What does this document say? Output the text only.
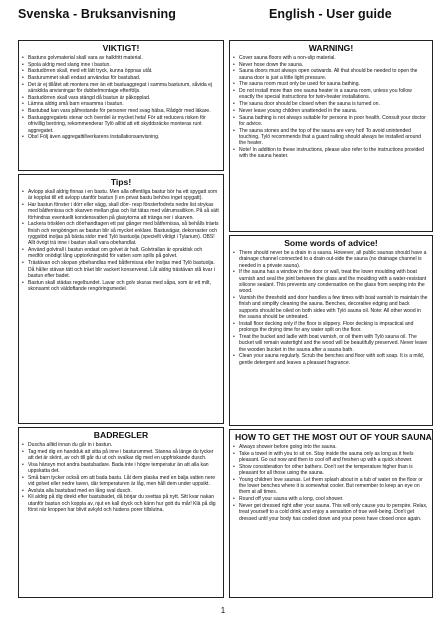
Svenska - Bruksanvisning	English - User guide
VIKTIGT!
• Bastuns golvmaterial skall vara av halkfritt material.
• Spola aldrig med slang inne i bastun.
• Bastudörren skall, med ett lätt tryck, kunna öppnas utåt.
• Basturummet skall endast användas för bastubad.
• Det är ej tillåtet att montera mer än ett bastuaggregat i samma basturum, såvida ej särskilda anvisningar för dubbelmontage efterföljs.
• Bastudörren skall vara stängd då bastun är påkopplad.
• Lämna aldrig små barn ensamma i bastun.
• Bastubad kan vara påfrestande för personer med svag hälsa. Rådgör med läkare.
• Bastuaggregatets stenar och överdel är mycket heta! För att reducera risken för ofrivillig beröring, rekommenderar Tylö alltid att ett skyddsräcke monteras runt aggregatet.
• Obs! Följ även aggregattillverkarens installationsanvisning.
Tips!
• Avlopp skall aldrig finnas i en bastu. Men alla offentliga bastur bör ha ett spygatt som är kopplat till ett avlopp utanför bastun (i en privat bastu behövs inget spygatt).
• Har bastun fönster i dörr eller vägg, skall dörr- resp fönsterfodrets nedre list strykas med båtfernissa och skarven mellan glas och list tätas med våtrumssilikon. På så sätt förhindras eventuellt kondensvatten på glasytorna att tränga ner i skarven.
• Lackera trösklen och dörrhandtagen ett par gånger med båtfernissa, så behålls träets finish och rengöringen av bastun blir så mycket enklare. Bastuvägar, dekorraster och ryggstöd inoljas på bästa sidor med Tylö bastuolja (speciellt viktigt i Tylarium). OBS! Allt övrigt trä inne i bastun skall vara obehandlat.
• Använd golvtrall i bastun endast om golvet är halt. Golvtrallan är opraktisk och medför onödigt lång upptorkningstid för vatten som spills på golvet.
• Trästävan och skopan ytbehandlas med båtfernissa eller inoljas med Tylö bastuolja. Då håller stävan tätt och träet blir vackert konserverat. Låt aldrig trästävan stå kvar i bastun efter badet.
• Bastun skall städas regelbundet. Lavar och golv skuras med såpa, som är ett milt, skonsamt och väldoftande rengöringsmedel.
BADREGLER
• Duscha alltid innan du går in i bastun.
• Tag med dig en handduk att sitta på inne i basturummet. Stanna så länge du tycker att det är skönt, av och till går du ut och svalkar dig med en uppfriskande dusch.
• Visa hänsyn mot andra bastubadare. Bada inte i högre temperatur än att alla kan uppskatta det.
• Små barn tycker också om att bada bastu. Låt dem plaska med en balja vatten nere vid golvet eller nedre laven, där temperaturen är låg, men håll dem under uppsikt.
• Avsluta alla bastubad med en lång sval dusch.
• Kli aldrig på dig direkt efter bastubadet, då börjar du svettas på nytt. Sitt kvar nakan utanför bastun och koppla av, njut en kall dryck och känn hur gott du mår! Klä på dig först när kroppen har blivit avkyld och hudens porer tillslutna.
WARNING!
• Cover sauna floors with a non-slip material.
• Never hose down the sauna.
• Sauna doors must always open outwards. All that should be needed to open the sauna door is just a little light pressure.
• The sauna room must only be used for sauna bathing.
• Do not install more than one sauna heater in a sauna room, unless you follow exactly the special instructions for twin-heater installations.
• The sauna door should be closed when the sauna is turned on.
• Never leave young children unattended in the sauna.
• Sauna bathing is not always suitable for persons in poor health. Consult your doctor for advice.
• The sauna stones and the top of the sauna are very hot! To avoid unintended touching, Tylö recommends that a guard railing should always be installed around the heater.
• Note! In addition to these instructions, please also refer to the instructions provided with the sauna heater.
Some words of advice!
• There should never be a drain in a sauna. However, all public saunas should have a drainage channel connected to a drain out-side the sauna (no drainage channel is needed in a private sauna).
• If the sauna has a window in the door or wall, treat the lower moulding with boat varnish and seal the joint between the glass and the moulding with a water-resistant silicone sealant. This prevents any condensation on the glass from seeping into the wood.
• Varnish the threshold and door handles a few times with boat varnish to maintain the finish and simplify cleaning the sauna. Benches, decorative edging and back supports should be oiled on both sides with Tylö sauna oil. Note: All other wood in the sauna should be untreated.
• Install floor decking only if the floor is slippery. Floor decking is impractical and prolongs the drying time for any water spilt on the floor.
• Treat the bucket and ladle with boat varnish, or oil them with Tylö sauna oil. The bucket will remain watertight and the wood will be beautifully preserved. Never leave the wooden bucket in the sauna after a sauna bath.
• Clean your sauna regularly. Scrub the benches and floor with soft soap. It is a mild, gentle detergent and leaves a pleasant fragrance.
HOW TO GET THE MOST OUT OF YOUR SAUNA
• Always shower before going into the sauna.
• Take a towel in with you to sit on. Stay inside the sauna only as long as it feels pleasant. Go out now and then to cool off and freshen up with a quick shower.
• Show consideration for other bathers. Don't set the temperature higher than is pleasant for all those using the sauna.
• Young children love saunas. Let them splash about in a tub of water on the floor or the lower benches where it is somewhat cooler. But remember to keep an eye on them at all times.
• Round off your sauna with a long, cool shower.
• Never get dressed right after your sauna. This will only cause you to perspire. Relax, treat yourself to a cold drink and enjoy a sensation of true well-being. Don't get dressed until your body has cooled down and your pores have closed once again.
1
